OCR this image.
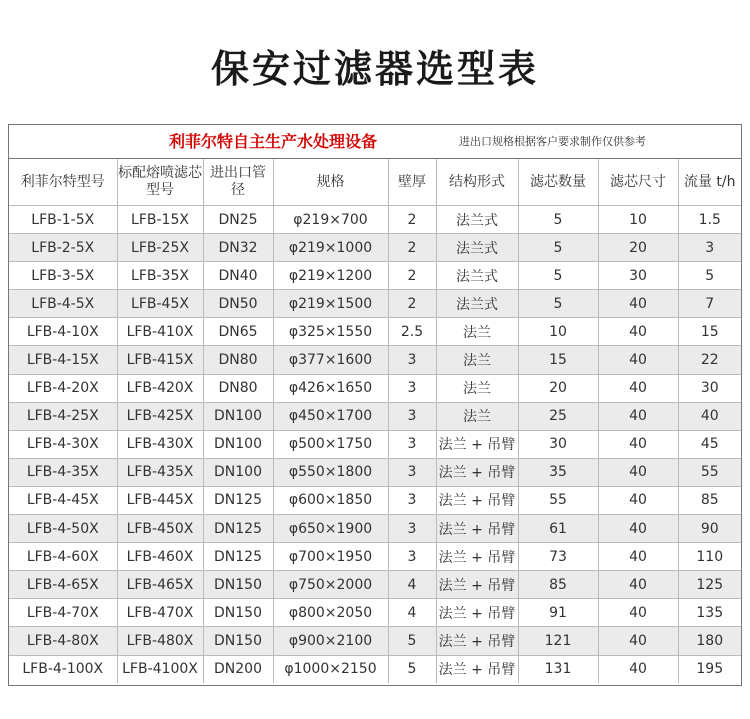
保安过滤器选型表
利菲尔特自主生产水处理设备	进出口规格根据客户要求制作仅供参考
利菲尔特型号	标配熔喷滤芯型号	进出口管径	规格	壁厚	结构形式	滤芯数量	滤芯尺寸	流量 t/h
LFB-1-5X	LFB-15X	DN25	φ219×700	2	法兰式	5	10	1.5
LFB-2-5X	LFB-25X	DN32	φ219×1000	2	法兰式	5	20	3
LFB-3-5X	LFB-35X	DN40	φ219×1200	2	法兰式	5	30	5
LFB-4-5X	LFB-45X	DN50	φ219×1500	2	法兰式	5	40	7
LFB-4-10X	LFB-410X	DN65	φ325×1550	2.5	法兰	10	40	15
LFB-4-15X	LFB-415X	DN80	φ377×1600	3	法兰	15	40	22
LFB-4-20X	LFB-420X	DN80	φ426×1650	3	法兰	20	40	30
LFB-4-25X	LFB-425X	DN100	φ450×1700	3	法兰	25	40	40
LFB-4-30X	LFB-430X	DN100	φ500×1750	3	法兰 + 吊臂	30	40	45
LFB-4-35X	LFB-435X	DN100	φ550×1800	3	法兰 + 吊臂	35	40	55
LFB-4-45X	LFB-445X	DN125	φ600×1850	3	法兰 + 吊臂	55	40	85
LFB-4-50X	LFB-450X	DN125	φ650×1900	3	法兰 + 吊臂	61	40	90
LFB-4-60X	LFB-460X	DN125	φ700×1950	3	法兰 + 吊臂	73	40	110
LFB-4-65X	LFB-465X	DN150	φ750×2000	4	法兰 + 吊臂	85	40	125
LFB-4-70X	LFB-470X	DN150	φ800×2050	4	法兰 + 吊臂	91	40	135
LFB-4-80X	LFB-480X	DN150	φ900×2100	5	法兰 + 吊臂	121	40	180
LFB-4-100X	LFB-4100X	DN200	φ1000×2150	5	法兰 + 吊臂	131	40	195
